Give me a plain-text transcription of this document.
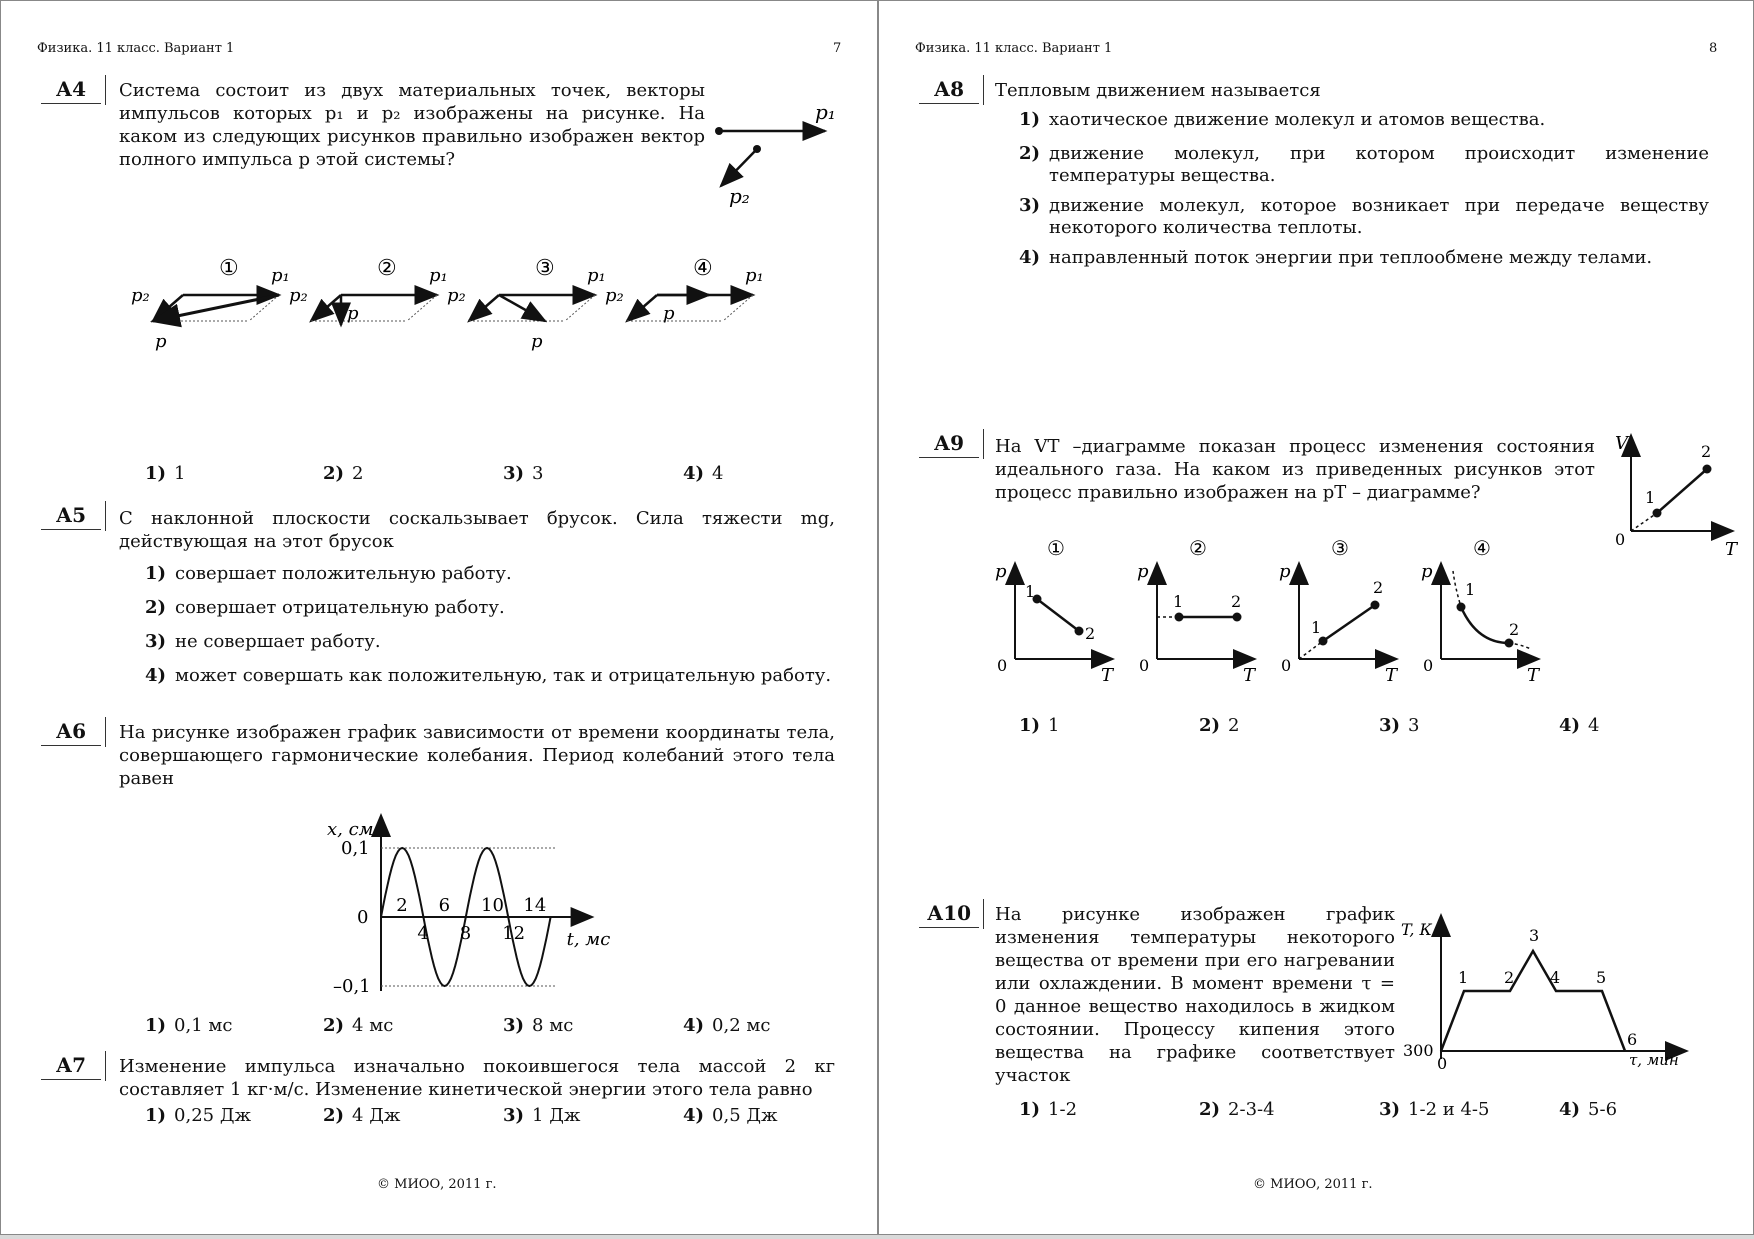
Физика. 11 класс. Вариант 1	7
А4	Система состоит из двух материальных точек, векторы импульсов которых p₁ и p₂ изображены на рисунке. На каком из следующих рисунков правильно изображен вектор полного импульса p этой системы?
p₁
p₂
① p₁
p₂
p
② p₁
p₂
p
③ p₁
p₂
p
④ p₁
p₂
p
1) 1	2) 2	3) 3	4) 4
А5	С наклонной плоскости соскальзывает брусок. Сила тяжести mg, действующая на этот брусок
1) совершает положительную работу.
2) совершает отрицательную работу.
3) не совершает работу.
4) может совершать как положительную, так и отрицательную работу.
А6	На рисунке изображен график зависимости от времени координаты тела, совершающего гармонические колебания. Период колебаний этого тела равен
x, см
t, мс
0,1
0
–0,1
2
4
6
8
10
12
14
1) 0,1 мс	2) 4 мс	3) 8 мс	4) 0,2 мс
А7	Изменение импульса изначально покоившегося тела массой 2 кг составляет 1 кг·м/с. Изменение кинетической энергии этого тела равно
1) 0,25 Дж	2) 4 Дж	3) 1 Дж	4) 0,5 Дж
© МИОО, 2011 г.
Физика. 11 класс. Вариант 1	8
А8	Тепловым движением называется
1) хаотическое движение молекул и атомов вещества.
2) движение молекул, при котором происходит изменение температуры вещества.
3) движение молекул, которое возникает при передаче веществу некоторого количества теплоты.
4) направленный поток энергии при теплообмене между телами.
А9	На VT –диаграмме показан процесс изменения состояния идеального газа. На каком из приведенных рисунков этот процесс правильно изображен на pT – диаграмме?
V
0	T
1
2
①
p
0	T
1
2
②
p
0	T
1	2
③
p
0	T
1
2
④
p
0	T
1
2
1) 1	2) 2	3) 3	4) 4
А10	На рисунке изображен график изменения температуры некоторого вещества от времени при его нагревании или охлаждении. В момент времени τ = 0 данное вещество находилось в жидком состоянии. Процессу кипения этого вещества на графике соответствует участок
1 2
3
4 5
6
T, К
τ, мин
300
0
1) 1-2	2) 2-3-4	3) 1-2 и 4-5	4) 5-6
© МИОО, 2011 г.
